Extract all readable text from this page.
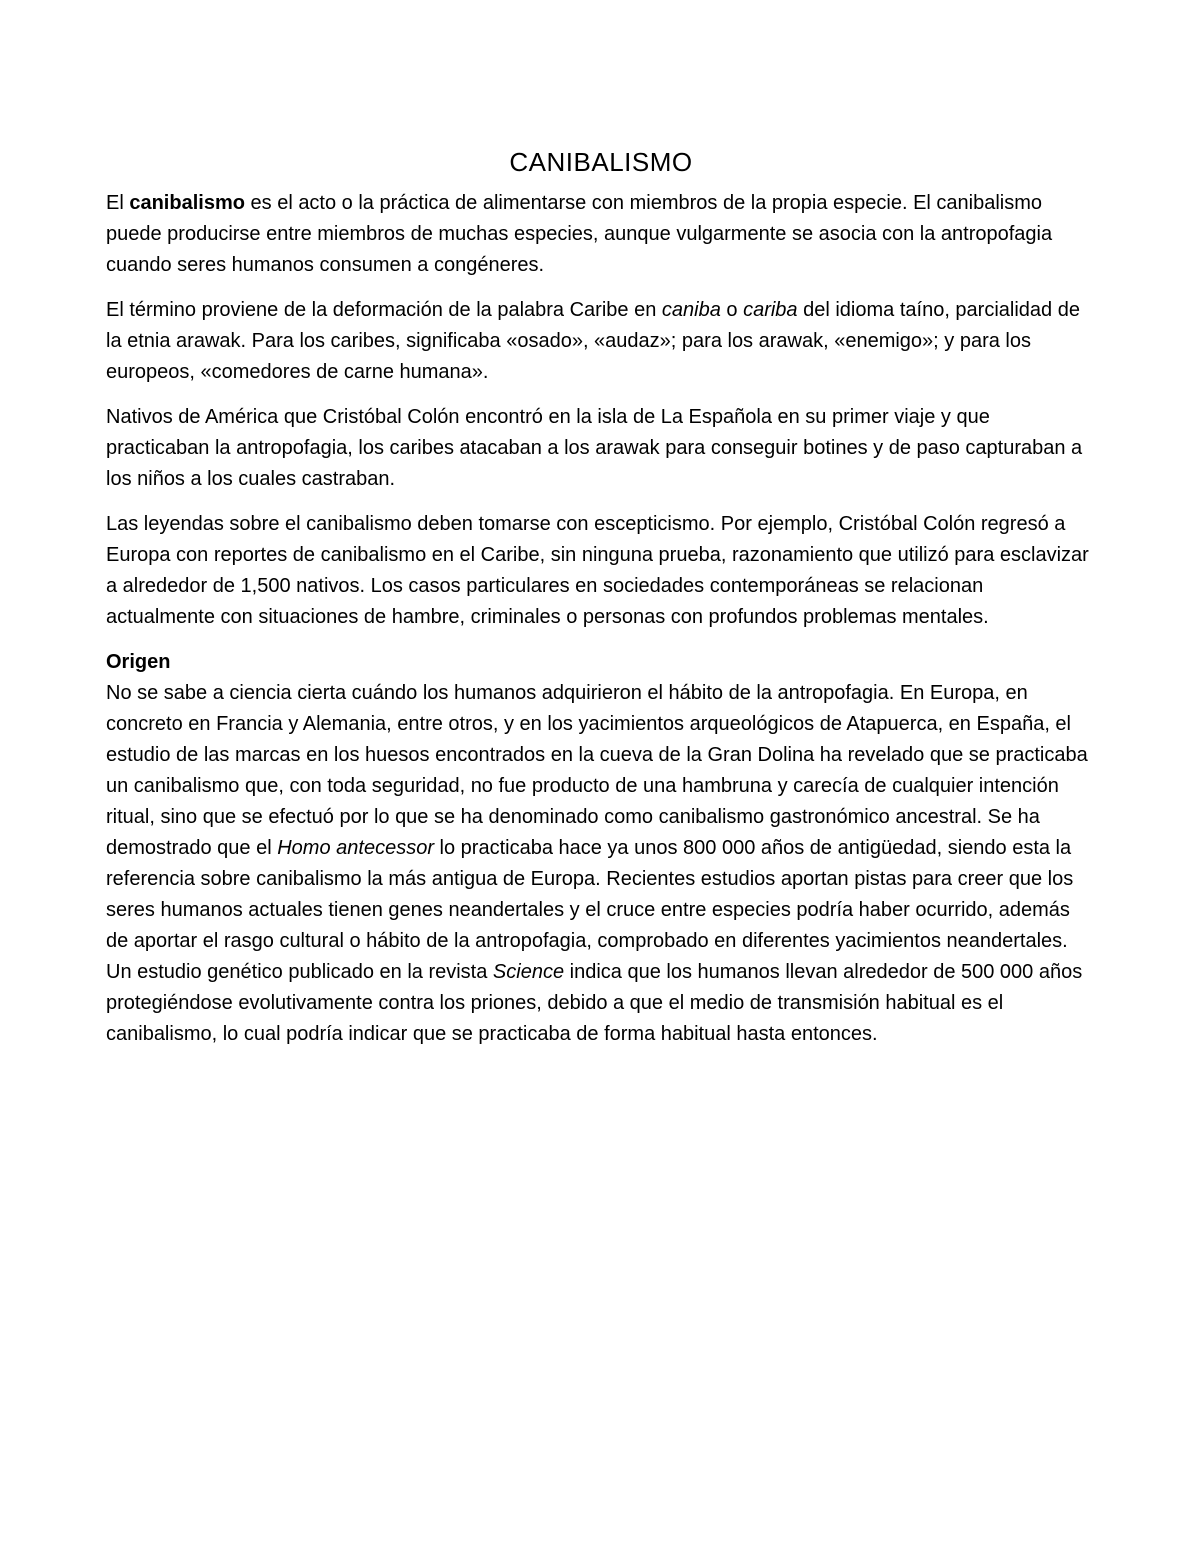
CANIBALISMO

El canibalismo es el acto o la práctica de alimentarse con miembros de la propia especie. El canibalismo puede producirse entre miembros de muchas especies, aunque vulgarmente se asocia con la antropofagia cuando seres humanos consumen a congéneres.

El término proviene de la deformación de la palabra Caribe en caniba o cariba del idioma taíno, parcialidad de la etnia arawak. Para los caribes, significaba «osado», «audaz»; para los arawak, «enemigo»; y para los europeos, «comedores de carne humana».

Nativos de América que Cristóbal Colón encontró en la isla de La Española en su primer viaje y que practicaban la antropofagia, los caribes atacaban a los arawak para conseguir botines y de paso capturaban a los niños a los cuales castraban.

Las leyendas sobre el canibalismo deben tomarse con escepticismo. Por ejemplo, Cristóbal Colón regresó a Europa con reportes de canibalismo en el Caribe, sin ninguna prueba, razonamiento que utilizó para esclavizar a alrededor de 1,500 nativos. Los casos particulares en sociedades contemporáneas se relacionan actualmente con situaciones de hambre, criminales o personas con profundos problemas mentales.

Origen

No se sabe a ciencia cierta cuándo los humanos adquirieron el hábito de la antropofagia. En Europa, en concreto en Francia y Alemania, entre otros, y en los yacimientos arqueológicos de Atapuerca, en España, el estudio de las marcas en los huesos encontrados en la cueva de la Gran Dolina ha revelado que se practicaba un canibalismo que, con toda seguridad, no fue producto de una hambruna y carecía de cualquier intención ritual, sino que se efectuó por lo que se ha denominado como canibalismo gastronómico ancestral. Se ha demostrado que el Homo antecessor lo practicaba hace ya unos 800 000 años de antigüedad, siendo esta la referencia sobre canibalismo la más antigua de Europa. Recientes estudios aportan pistas para creer que los seres humanos actuales tienen genes neandertales y el cruce entre especies podría haber ocurrido, además de aportar el rasgo cultural o hábito de la antropofagia, comprobado en diferentes yacimientos neandertales. Un estudio genético publicado en la revista Science indica que los humanos llevan alrededor de 500 000 años protegiéndose evolutivamente contra los priones, debido a que el medio de transmisión habitual es el canibalismo, lo cual podría indicar que se practicaba de forma habitual hasta entonces.
